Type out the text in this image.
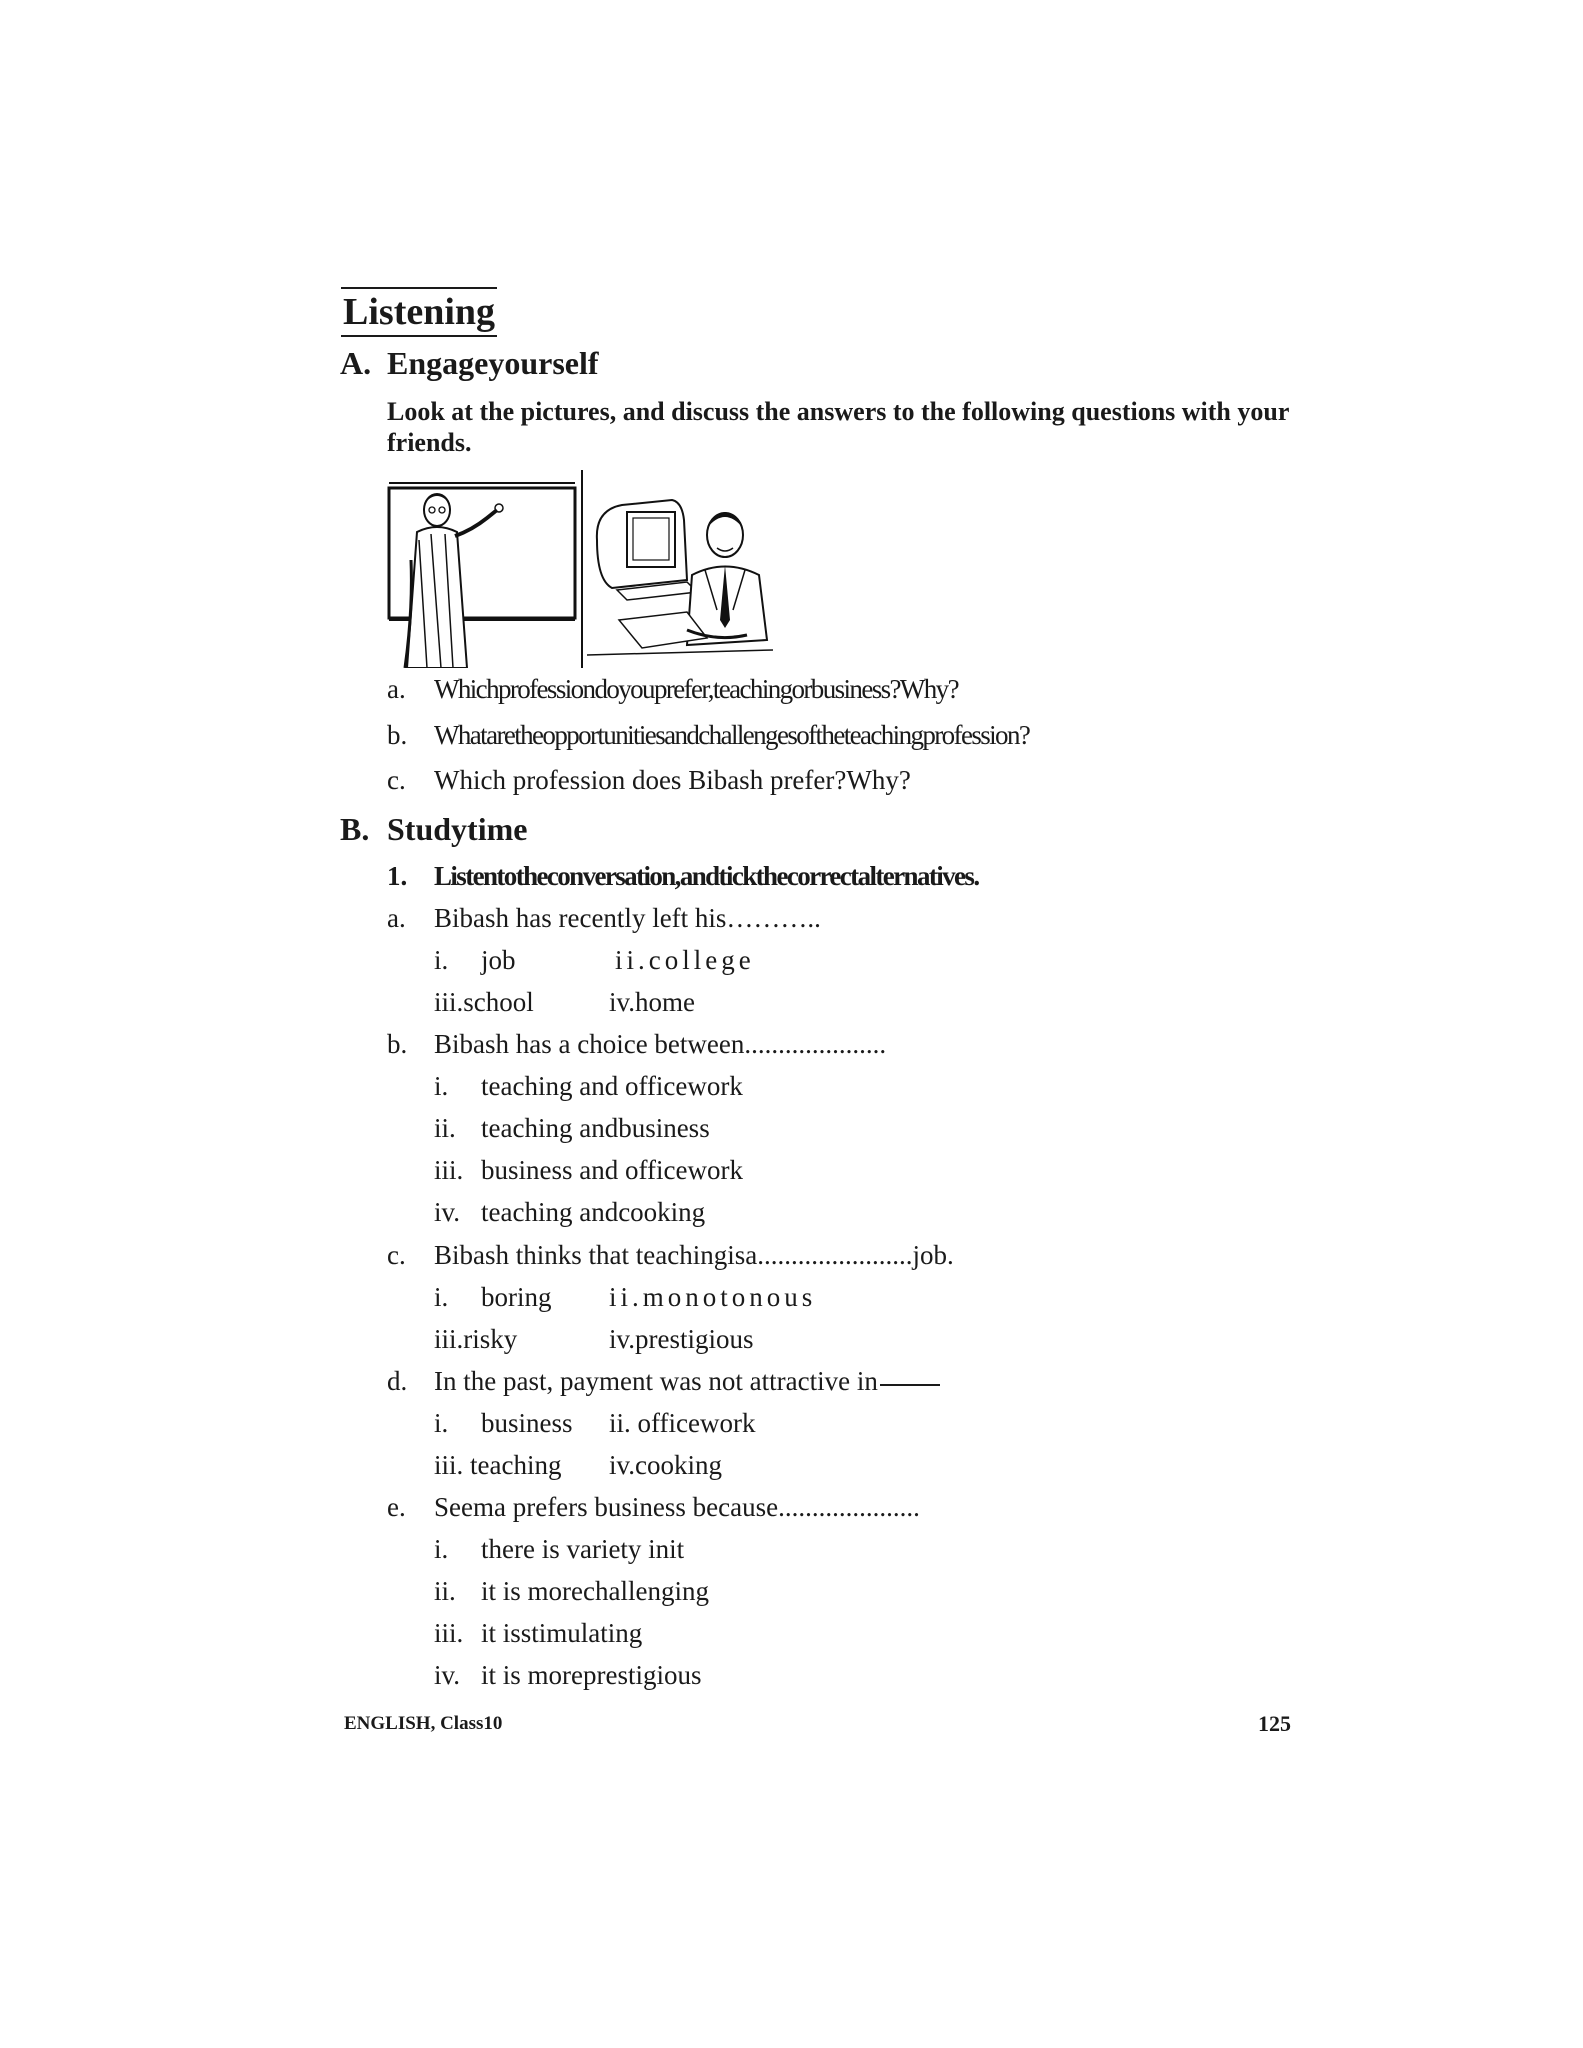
Listening
A. Engageyourself
Look at the pictures, and discuss the answers to the following questions with your friends.
a. Whichprofessiondoyouprefer,teachingorbusiness?Why?
b. Whataretheopportunitiesandchallengesoftheteachingprofession?
c. Which profession does Bibash prefer?Why?
B. Studytime
1. Listentotheconversation,andtickthecorrectalternatives.
a. Bibash has recently left his………..
i. job	ii.college
iii.school	iv.home
b. Bibash has a choice between.....................
i. teaching and officework
ii. teaching andbusiness
iii. business and officework
iv. teaching andcooking
c. Bibash thinks that teachingisa.......................job.
i. boring ii.monotonous
iii.risky	iv.prestigious
d. In the past, payment was not attractive in
i. business ii. officework
iii. teaching iv.cooking
e. Seema prefers business because.....................
i. there is variety init
ii. it is morechallenging
iii. it isstimulating
iv. it is moreprestigious
ENGLISH, Class10	125
